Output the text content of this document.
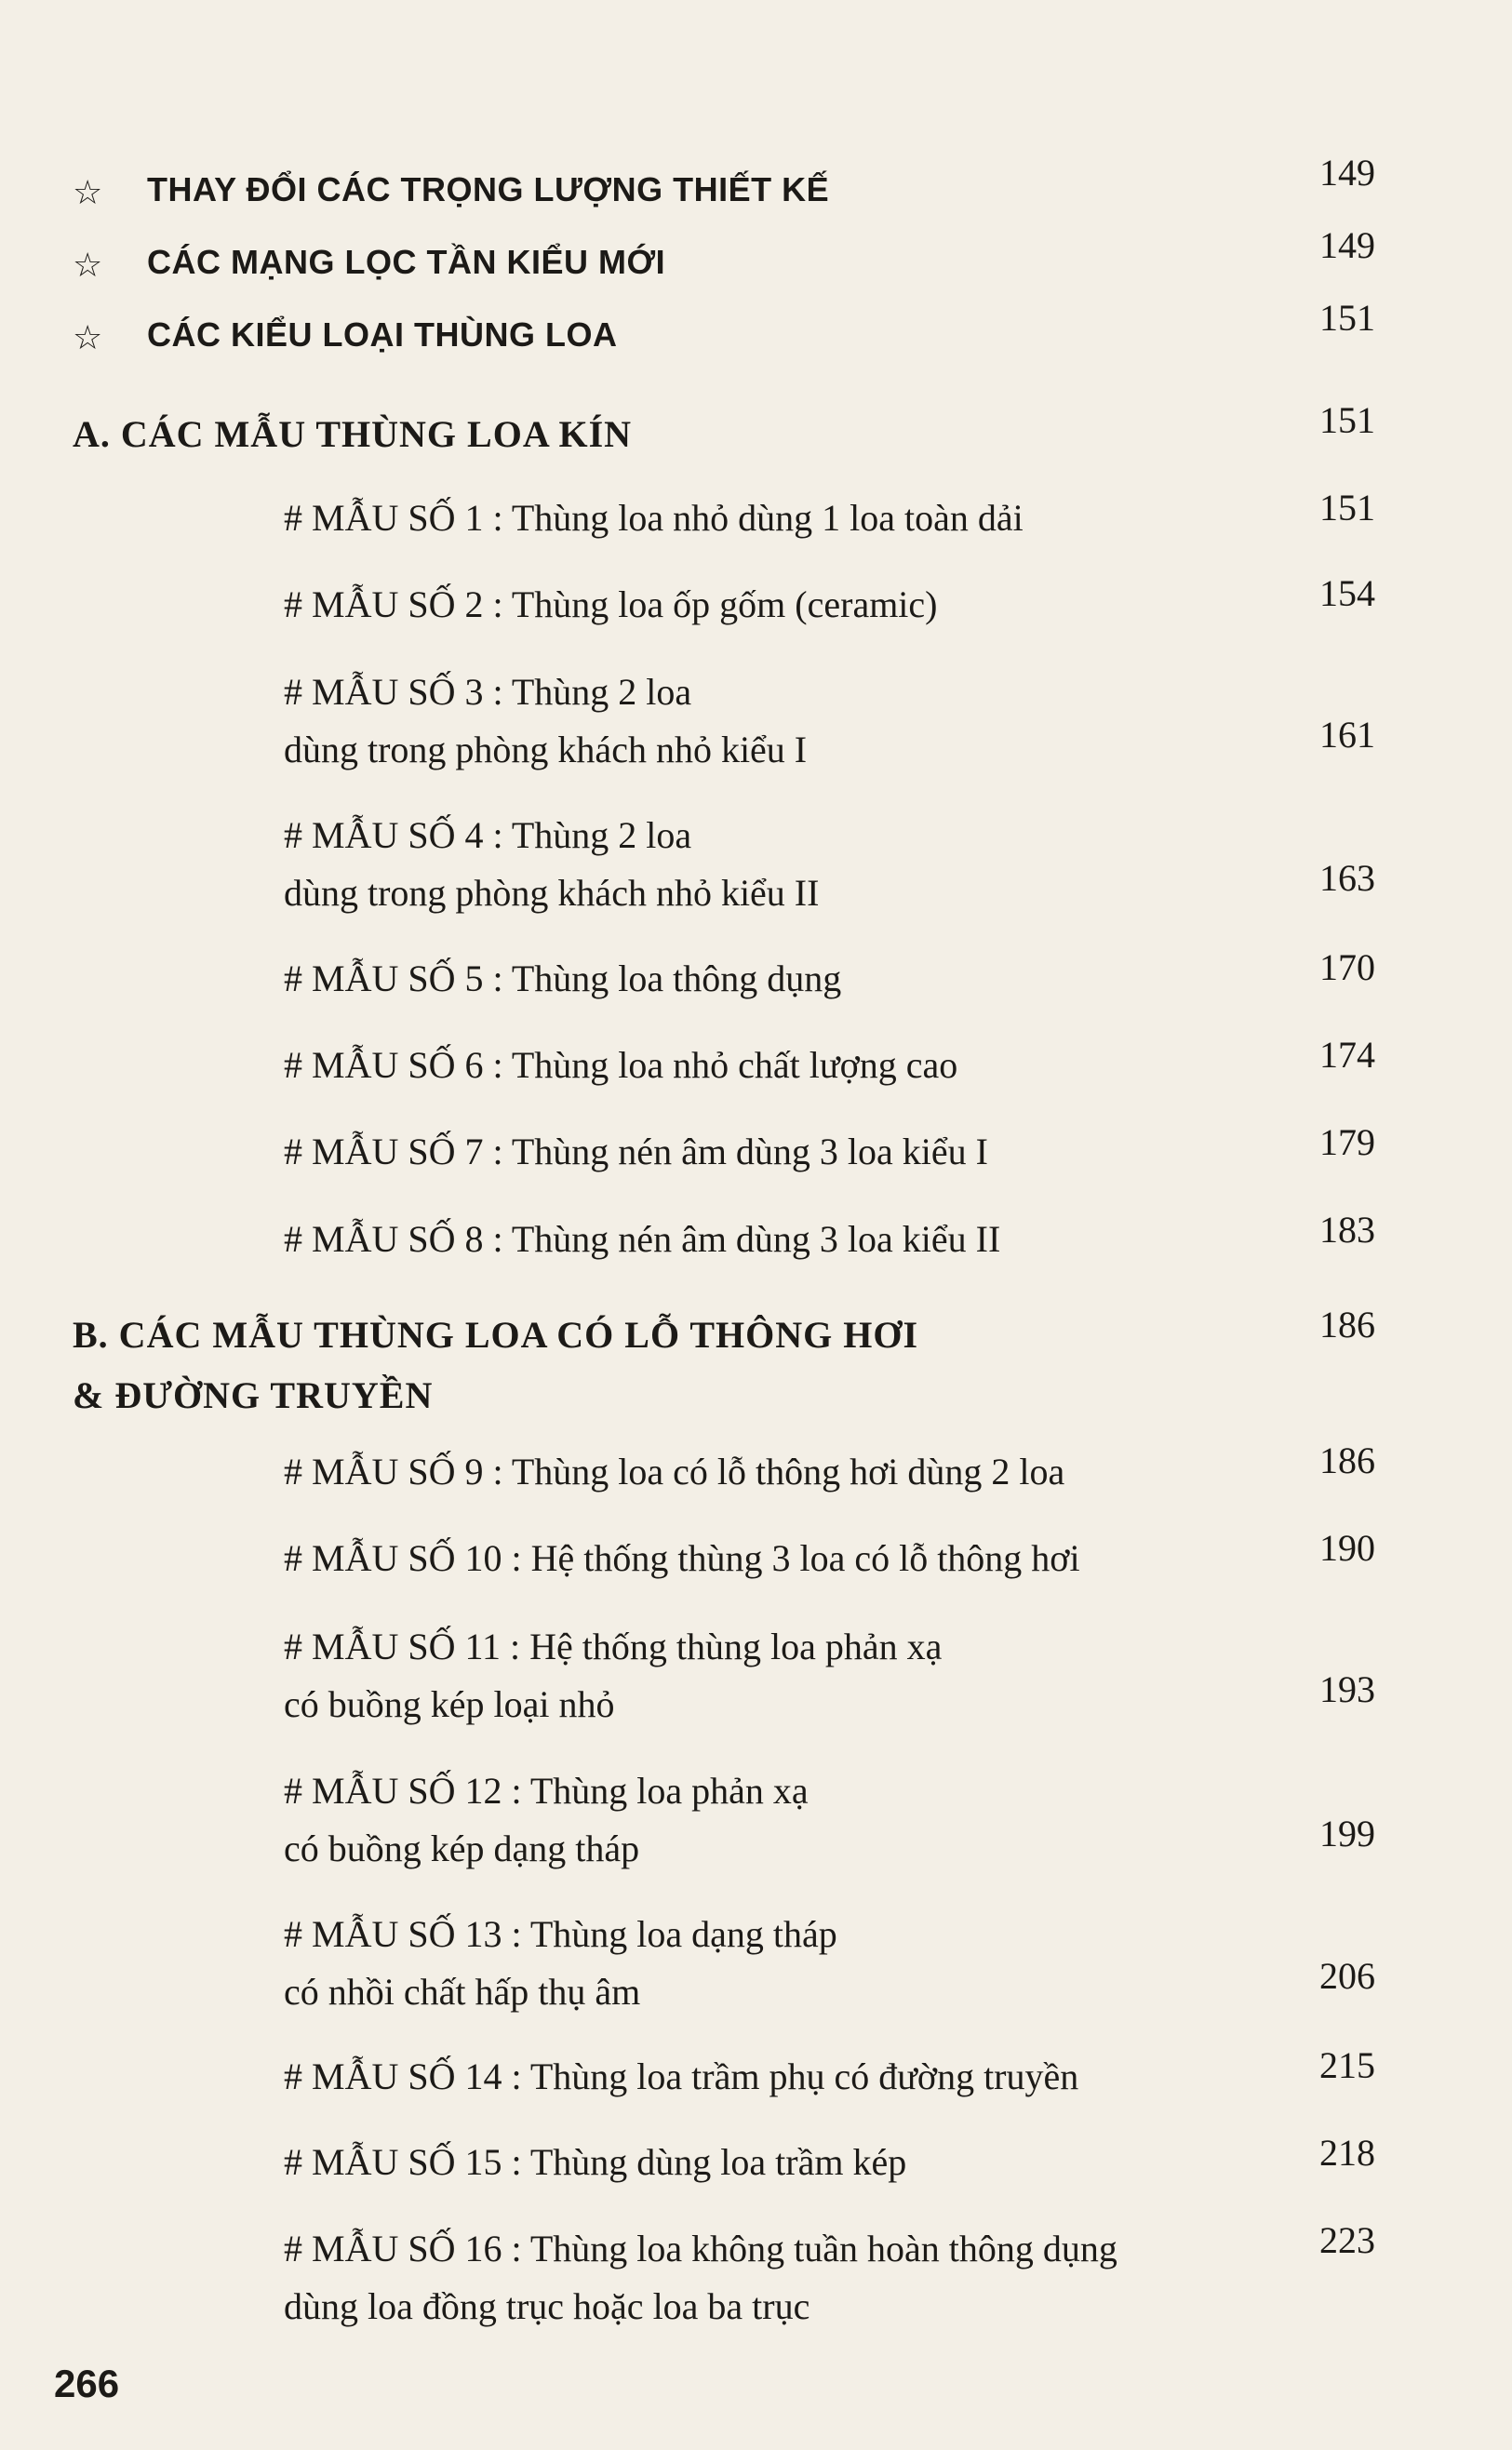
☆ THAY ĐỔI CÁC TRỌNG LƯỢNG THIẾT KẾ	149
☆ CÁC MẠNG LỌC TẦN KIỂU MỚI	149
☆ CÁC KIỂU LOẠI THÙNG LOA	151
A. CÁC MẪU THÙNG LOA KÍN	151
# MẪU SỐ 1 : Thùng loa nhỏ dùng 1 loa toàn dải	151
# MẪU SỐ 2 : Thùng loa ốp gốm (ceramic)	154
# MẪU SỐ 3 : Thùng 2 loa
dùng trong phòng khách nhỏ kiểu I	161
# MẪU SỐ 4 : Thùng 2 loa
dùng trong phòng khách nhỏ kiểu II	163
# MẪU SỐ 5 : Thùng loa thông dụng	170
# MẪU SỐ 6 : Thùng loa nhỏ chất lượng cao	174
# MẪU SỐ 7 : Thùng nén âm dùng 3 loa kiểu I	179
# MẪU SỐ 8 : Thùng nén âm dùng 3 loa kiểu II	183
B. CÁC MẪU THÙNG LOA CÓ LỖ THÔNG HƠI
& ĐƯỜNG TRUYỀN
186
# MẪU SỐ 9 : Thùng loa có lỗ thông hơi dùng 2 loa	186
# MẪU SỐ 10 : Hệ thống thùng 3 loa có lỗ thông hơi	190
# MẪU SỐ 11 : Hệ thống thùng loa phản xạ
có buồng kép loại nhỏ	193
# MẪU SỐ 12 : Thùng loa phản xạ
có buồng kép dạng tháp	199
# MẪU SỐ 13 : Thùng loa dạng tháp
có nhồi chất hấp thụ âm	206
# MẪU SỐ 14 : Thùng loa trầm phụ có đường truyền	215
# MẪU SỐ 15 : Thùng dùng loa trầm kép	218
# MẪU SỐ 16 : Thùng loa không tuần hoàn thông dụng
dùng loa đồng trục hoặc loa ba trục
223
266
